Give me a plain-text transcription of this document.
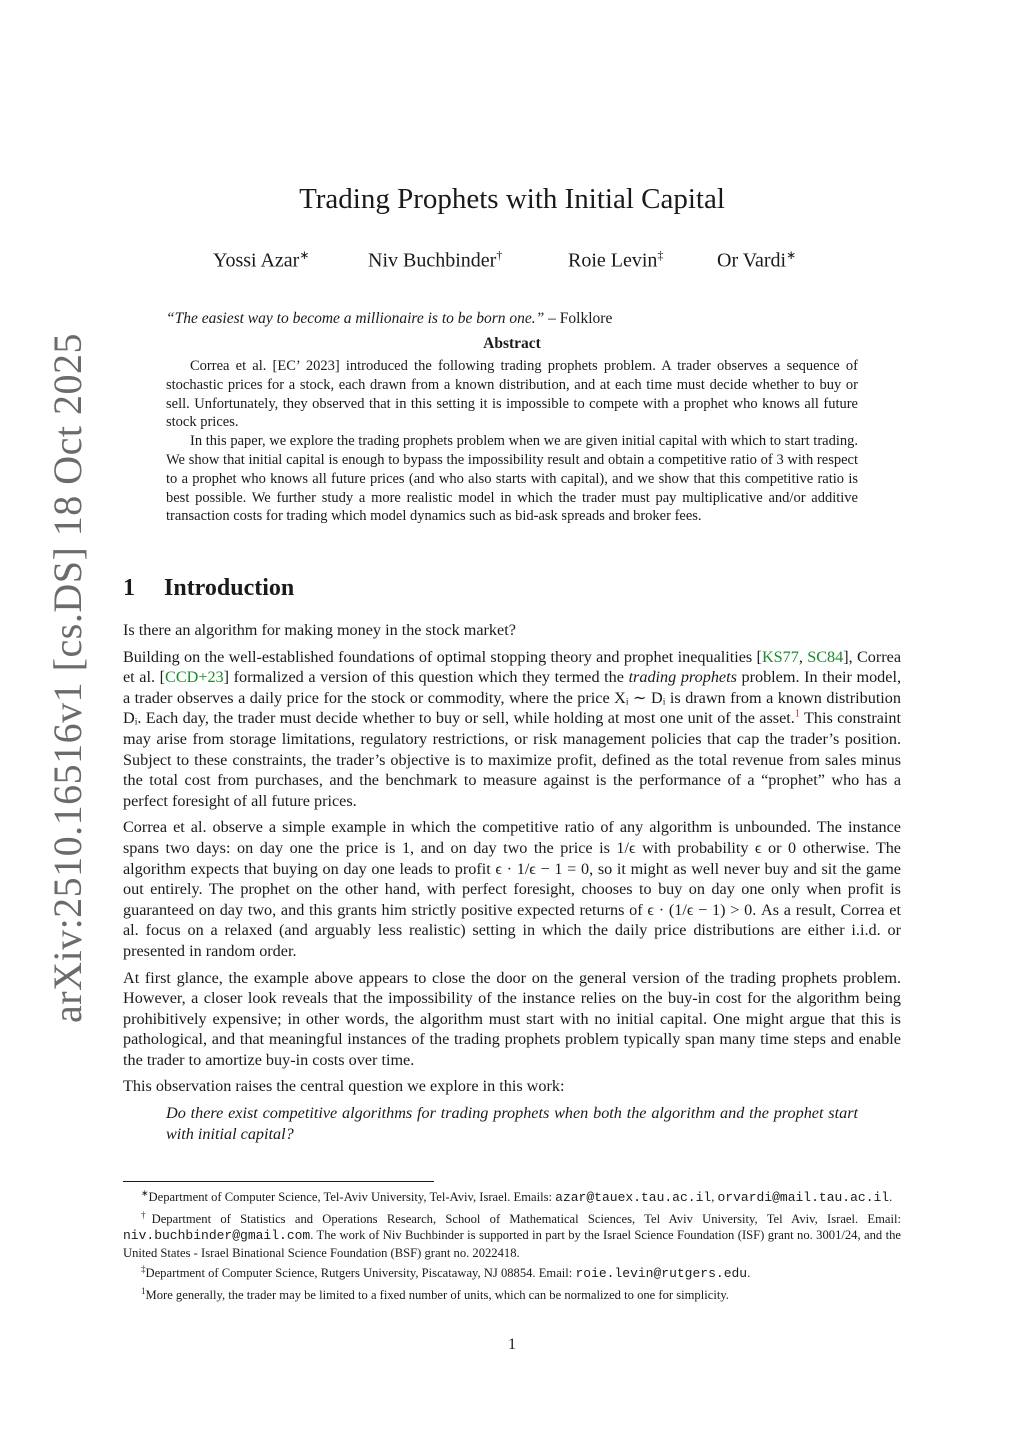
arXiv:2510.16516v1 [cs.DS] 18 Oct 2025
Trading Prophets with Initial Capital
Yossi Azar∗	Niv Buchbinder†	Roie Levin‡	Or Vardi∗
“The easiest way to become a millionaire is to be born one.” – Folklore
Abstract

Correa et al. [EC’ 2023] introduced the following trading prophets problem. A trader observes a sequence of stochastic prices for a stock, each drawn from a known distribution, and at each time must decide whether to buy or sell. Unfortunately, they observed that in this setting it is impossible to compete with a prophet who knows all future stock prices.

In this paper, we explore the trading prophets problem when we are given initial capital with which to start trading. We show that initial capital is enough to bypass the impossibility result and obtain a competitive ratio of 3 with respect to a prophet who knows all future prices (and who also starts with capital), and we show that this competitive ratio is best possible. We further study a more realistic model in which the trader must pay multiplicative and/or additive transaction costs for trading which model dynamics such as bid-ask spreads and broker fees.

1 Introduction

Is there an algorithm for making money in the stock market?

Building on the well-established foundations of optimal stopping theory and prophet inequalities [KS77, SC84], Correa et al. [CCD+23] formalized a version of this question which they termed the trading prophets problem. In their model, a trader observes a daily price for the stock or commodity, where the price Xᵢ ∼ Dᵢ is drawn from a known distribution Dᵢ. Each day, the trader must decide whether to buy or sell, while holding at most one unit of the asset.$^1$ This constraint may arise from storage limitations, regulatory restrictions, or risk management policies that cap the trader’s position. Subject to these constraints, the trader’s objective is to maximize profit, defined as the total revenue from sales minus the total cost from purchases, and the benchmark to measure against is the performance of a “prophet” who has a perfect foresight of all future prices.

Correa et al. observe a simple example in which the competitive ratio of any algorithm is unbounded. The instance spans two days: on day one the price is 1, and on day two the price is 1/ϵ with probability ϵ or 0 otherwise. The algorithm expects that buying on day one leads to profit ϵ · 1/ϵ − 1 = 0, so it might as well never buy and sit the game out entirely. The prophet on the other hand, with perfect foresight, chooses to buy on day one only when profit is guaranteed on day two, and this grants him strictly positive expected returns of ϵ · (1/ϵ − 1) > 0. As a result, Correa et al. focus on a relaxed (and arguably less realistic) setting in which the daily price distributions are either i.i.d. or presented in random order.

At first glance, the example above appears to close the door on the general version of the trading prophets problem. However, a closer look reveals that the impossibility of the instance relies on the buy-in cost for the algorithm being prohibitively expensive; in other words, the algorithm must start with no initial capital. One might argue that this is pathological, and that meaningful instances of the trading prophets problem typically span many time steps and enable the trader to amortize buy-in costs over time.

This observation raises the central question we explore in this work:

Do there exist competitive algorithms for trading prophets when both the algorithm and the prophet start with initial capital?

∗Department of Computer Science, Tel-Aviv University, Tel-Aviv, Israel. Emails: azar@tauex.tau.ac.il, orvardi@mail.tau.ac.il.

†Department of Statistics and Operations Research, School of Mathematical Sciences, Tel Aviv University, Tel Aviv, Israel. Email: niv.buchbinder@gmail.com. The work of Niv Buchbinder is supported in part by the Israel Science Foundation (ISF) grant no. 3001/24, and the United States - Israel Binational Science Foundation (BSF) grant no. 2022418.

‡Department of Computer Science, Rutgers University, Piscataway, NJ 08854. Email: roie.levin@rutgers.edu.

$^1$More generally, the trader may be limited to a fixed number of units, which can be normalized to one for simplicity.

1
